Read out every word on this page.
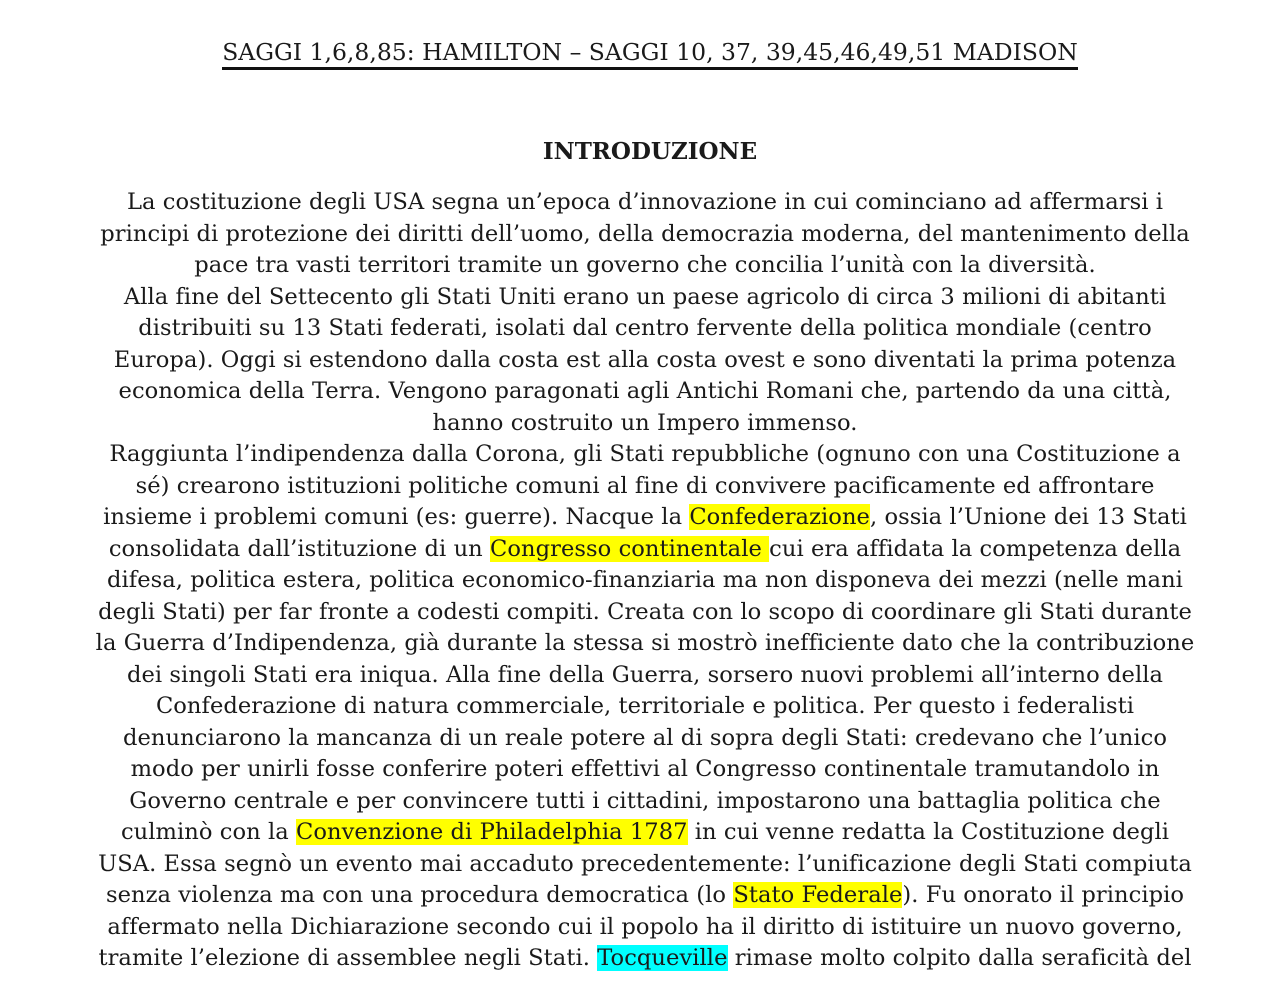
SAGGI 1,6,8,85: HAMILTON – SAGGI 10, 37, 39,45,46,49,51 MADISON
INTRODUZIONE
La costituzione degli USA segna un’epoca d’innovazione in cui cominciano ad affermarsi i
principi di protezione dei diritti dell’uomo, della democrazia moderna, del mantenimento della
pace tra vasti territori tramite un governo che concilia l’unità con la diversità.
Alla fine del Settecento gli Stati Uniti erano un paese agricolo di circa 3 milioni di abitanti
distribuiti su 13 Stati federati, isolati dal centro fervente della politica mondiale (centro
Europa). Oggi si estendono dalla costa est alla costa ovest e sono diventati la prima potenza
economica della Terra. Vengono paragonati agli Antichi Romani che, partendo da una città,
hanno costruito un Impero immenso.
Raggiunta l’indipendenza dalla Corona, gli Stati repubbliche (ognuno con una Costituzione a
sé) crearono istituzioni politiche comuni al fine di convivere pacificamente ed affrontare
insieme i problemi comuni (es: guerre). Nacque la Confederazione, ossia l’Unione dei 13 Stati
consolidata dall’istituzione di un Congresso continentale cui era affidata la competenza della
difesa, politica estera, politica economico-finanziaria ma non disponeva dei mezzi (nelle mani
degli Stati) per far fronte a codesti compiti. Creata con lo scopo di coordinare gli Stati durante
la Guerra d’Indipendenza, già durante la stessa si mostrò inefficiente dato che la contribuzione
dei singoli Stati era iniqua. Alla fine della Guerra, sorsero nuovi problemi all’interno della
Confederazione di natura commerciale, territoriale e politica. Per questo i federalisti
denunciarono la mancanza di un reale potere al di sopra degli Stati: credevano che l’unico
modo per unirli fosse conferire poteri effettivi al Congresso continentale tramutandolo in
Governo centrale e per convincere tutti i cittadini, impostarono una battaglia politica che
culminò con la Convenzione di Philadelphia 1787 in cui venne redatta la Costituzione degli
USA. Essa segnò un evento mai accaduto precedentemente: l’unificazione degli Stati compiuta
senza violenza ma con una procedura democratica (lo Stato Federale). Fu onorato il principio
affermato nella Dichiarazione secondo cui il popolo ha il diritto di istituire un nuovo governo,
tramite l’elezione di assemblee negli Stati. Tocqueville rimase molto colpito dalla seraficità del
